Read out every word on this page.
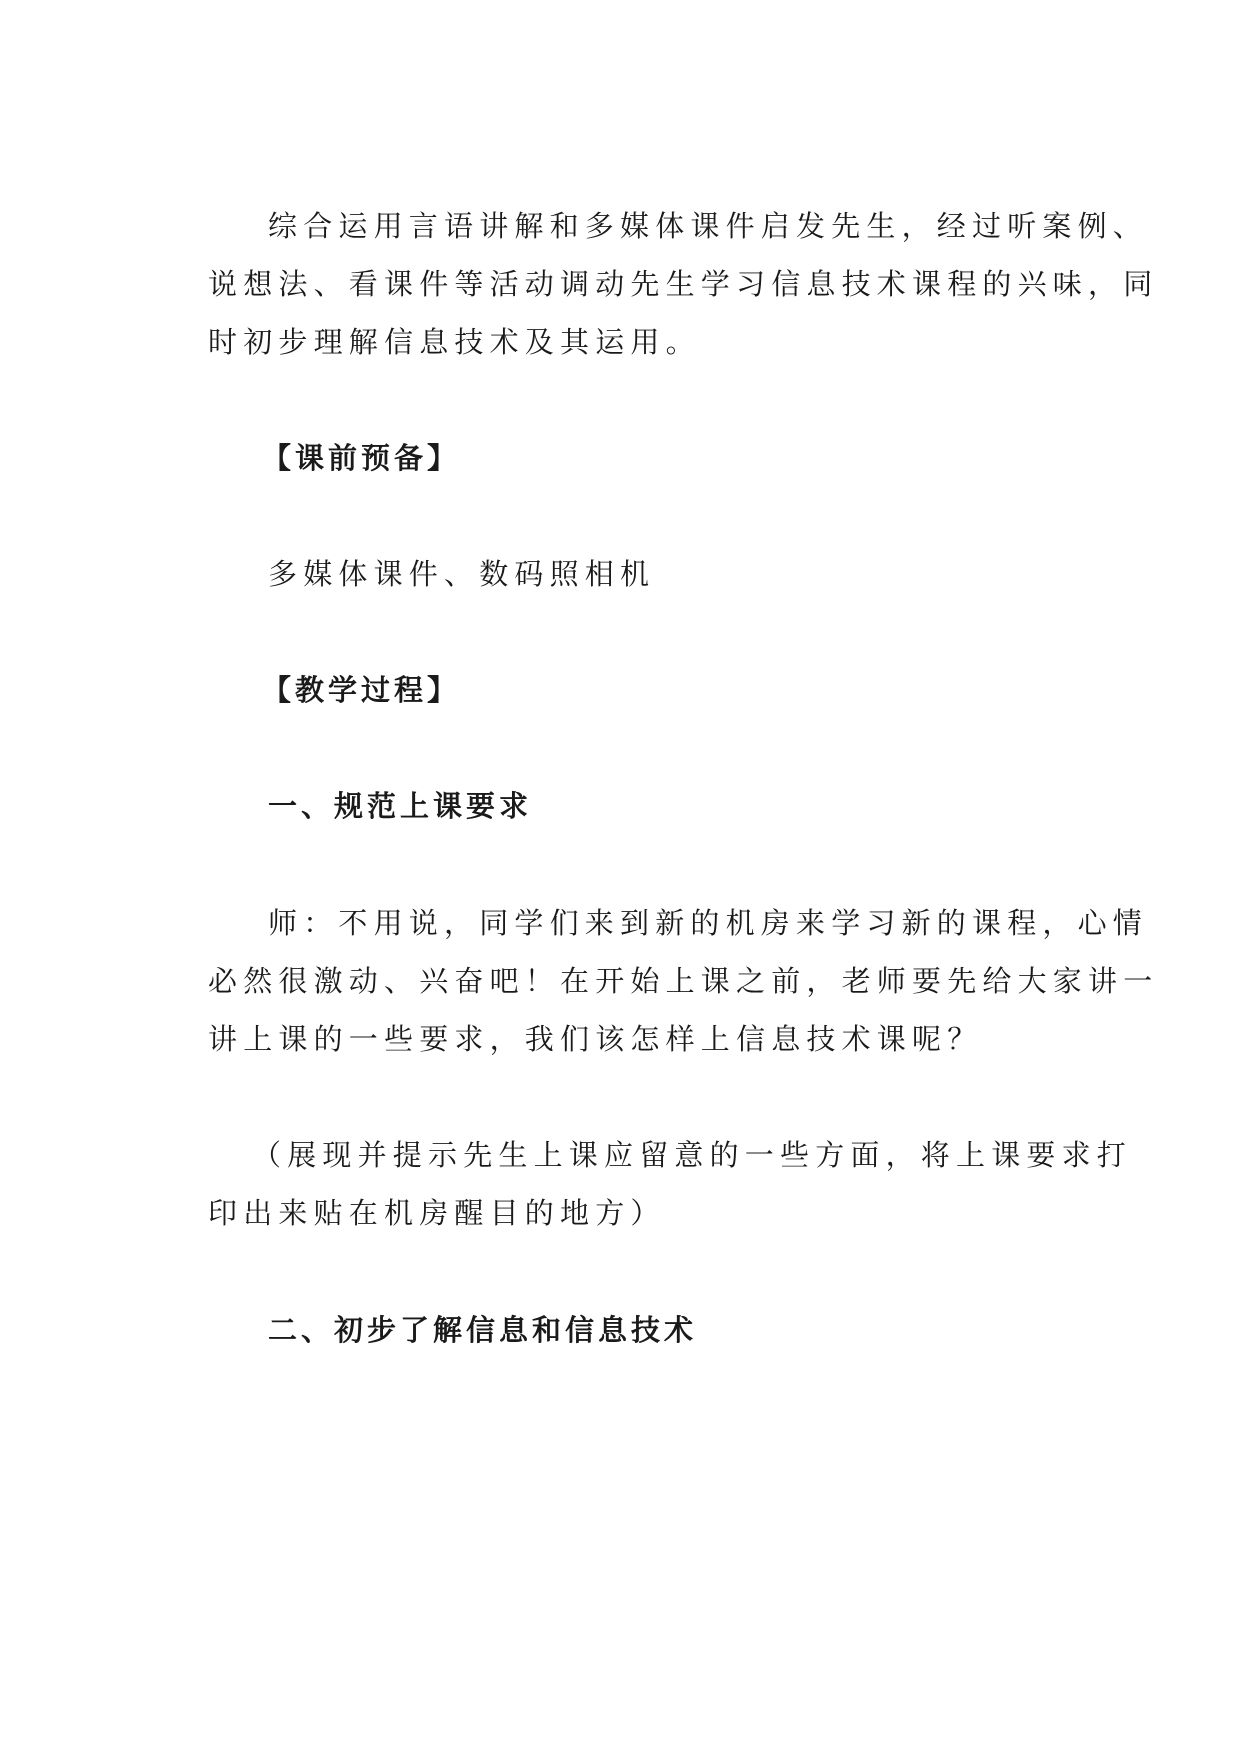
综合运用言语讲解和多媒体课件启发先生，经过听案例、
说想法、看课件等活动调动先生学习信息技术课程的兴味，同
时初步理解信息技术及其运用。
【课前预备】
多媒体课件、数码照相机
【教学过程】
一、规范上课要求
师：不用说，同学们来到新的机房来学习新的课程，心情
必然很激动、兴奋吧！在开始上课之前，老师要先给大家讲一
讲上课的一些要求，我们该怎样上信息技术课呢？
（展现并提示先生上课应留意的一些方面，将上课要求打
印出来贴在机房醒目的地方）
二、初步了解信息和信息技术
